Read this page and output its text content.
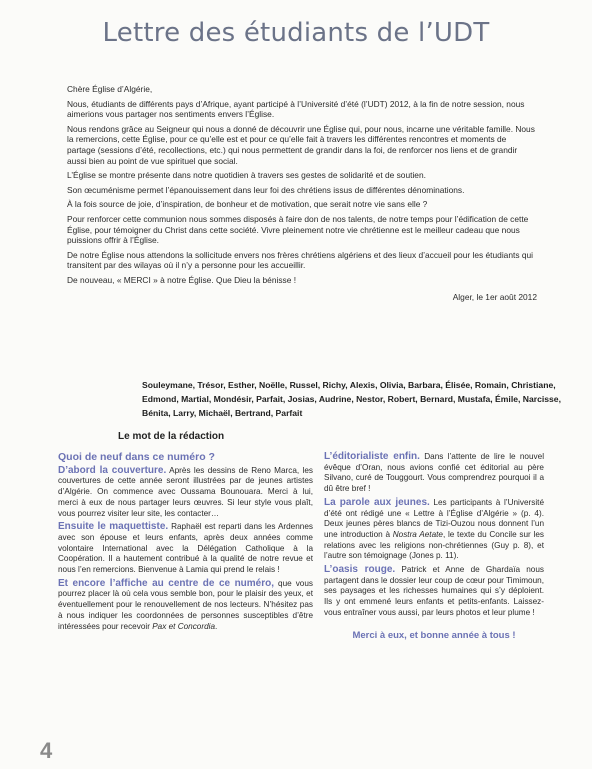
Lettre des étudiants de l’UDT

Chère Église d’Algérie,

Nous, étudiants de différents pays d’Afrique, ayant participé à l’Université d’été (l’UDT) 2012, à la fin de notre session, nous aimerions vous partager nos sentiments envers l’Église.

Nous rendons grâce au Seigneur qui nous a donné de découvrir une Église qui, pour nous, incarne une véritable famille. Nous la remercions, cette Église, pour ce qu’elle est et pour ce qu’elle fait à travers les différentes rencontres et moments de partage (sessions d’été, recollections, etc.) qui nous permettent de grandir dans la foi, de renforcer nos liens et de grandir aussi bien au point de vue spirituel que social.

L’Église se montre présente dans notre quotidien à travers ses gestes de solidarité et de soutien.

Son œcuménisme permet l’épanouissement dans leur foi des chrétiens issus de différentes dénominations.

À la fois source de joie, d’inspiration, de bonheur et de motivation, que serait notre vie sans elle ?

Pour renforcer cette communion nous sommes disposés à faire don de nos talents, de notre temps pour l’édification de cette Église, pour témoigner du Christ dans cette société. Vivre pleinement notre vie chrétienne est le meilleur cadeau que nous puissions offrir à l’Église.

De notre Église nous attendons la sollicitude envers nos frères chrétiens algériens et des lieux d’accueil pour les étudiants qui transitent par des wilayas où il n’y a personne pour les accueillir.

De nouveau, « MERCI » à notre Église. Que Dieu la bénisse !

Alger, le 1er août 2012

Souleymane, Trésor, Esther, Noëlle, Russel, Richy, Alexis, Olivia, Barbara, Élisée, Romain, Christiane, Edmond, Martial, Mondésir, Parfait, Josias, Audrine, Nestor, Robert, Bernard, Mustafa, Émile, Narcisse, Bénita, Larry, Michaël, Bertrand, Parfait
Le mot de la rédaction

Quoi de neuf dans ce numéro ?

D’abord la couverture. Après les dessins de Reno Marca, les couvertures de cette année seront illustrées par de jeunes artistes d’Algérie. On commence avec Oussama Bounouara. Merci à lui, merci à eux de nous partager leurs œuvres. Si leur style vous plaît, vous pourrez visiter leur site, les contacter…

Ensuite le maquettiste. Raphaël est reparti dans les Ardennes avec son épouse et leurs enfants, après deux années comme volontaire International avec la Délégation Catholique à la Coopération. Il a hautement contribué à la qualité de notre revue et nous l’en remercions. Bienvenue à Lamia qui prend le relais !

Et encore l’affiche au centre de ce numéro, que vous pourrez placer là où cela vous semble bon, pour le plaisir des yeux, et éventuellement pour le renouvellement de nos lecteurs. N’hésitez pas à nous indiquer les coordonnées de personnes susceptibles d’être intéressées pour recevoir Pax et Concordia.

L’éditorialiste enfin. Dans l’attente de lire le nouvel évêque d’Oran, nous avions confié cet éditorial au père Silvano, curé de Touggourt. Vous comprendrez pourquoi il a dû être bref !

La parole aux jeunes. Les participants à l’Université d’été ont rédigé une « Lettre à l’Église d’Algérie » (p. 4). Deux jeunes pères blancs de Tizi-Ouzou nous donnent l’un une introduction à Nostra Aetate, le texte du Concile sur les relations avec les religions non-chrétiennes (Guy p. 8), et l’autre son témoignage (Jones p. 11).

L’oasis rouge. Patrick et Anne de Ghardaïa nous partagent dans le dossier leur coup de cœur pour Timimoun, ses paysages et les richesses humaines qui s’y déploient. Ils y ont emmené leurs enfants et petits-enfants. Laissez-vous entraîner vous aussi, par leurs photos et leur plume !

Merci à eux, et bonne année à tous !

4
